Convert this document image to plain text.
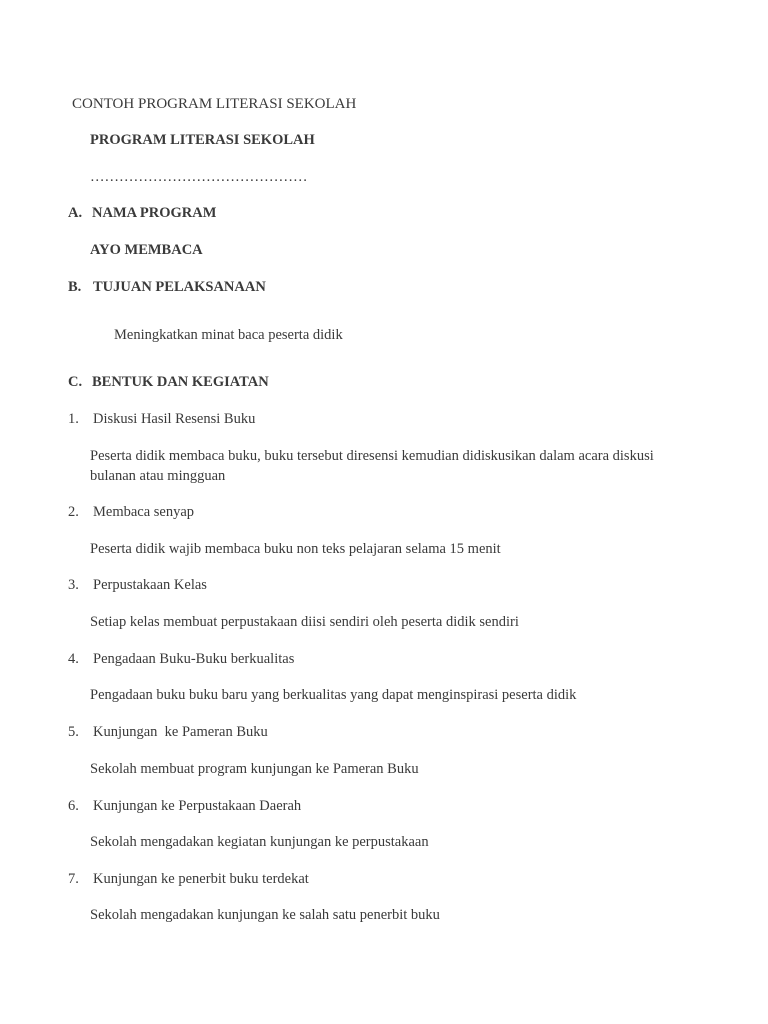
CONTOH PROGRAM LITERASI SEKOLAH
PROGRAM LITERASI SEKOLAH
………………………………………
A. NAMA PROGRAM
AYO MEMBACA
B. TUJUAN PELAKSANAAN
Meningkatkan minat baca peserta didik
C. BENTUK DAN KEGIATAN
1. Diskusi Hasil Resensi Buku
Peserta didik membaca buku, buku tersebut diresensi kemudian didiskusikan dalam acara diskusi bulanan atau mingguan
2. Membaca senyap
Peserta didik wajib membaca buku non teks pelajaran selama 15 menit
3. Perpustakaan Kelas
Setiap kelas membuat perpustakaan diisi sendiri oleh peserta didik sendiri
4. Pengadaan Buku-Buku berkualitas
Pengadaan buku buku baru yang berkualitas yang dapat menginspirasi peserta didik
5. Kunjungan  ke Pameran Buku
Sekolah membuat program kunjungan ke Pameran Buku
6. Kunjungan ke Perpustakaan Daerah
Sekolah mengadakan kegiatan kunjungan ke perpustakaan
7. Kunjungan ke penerbit buku terdekat
Sekolah mengadakan kunjungan ke salah satu penerbit buku
